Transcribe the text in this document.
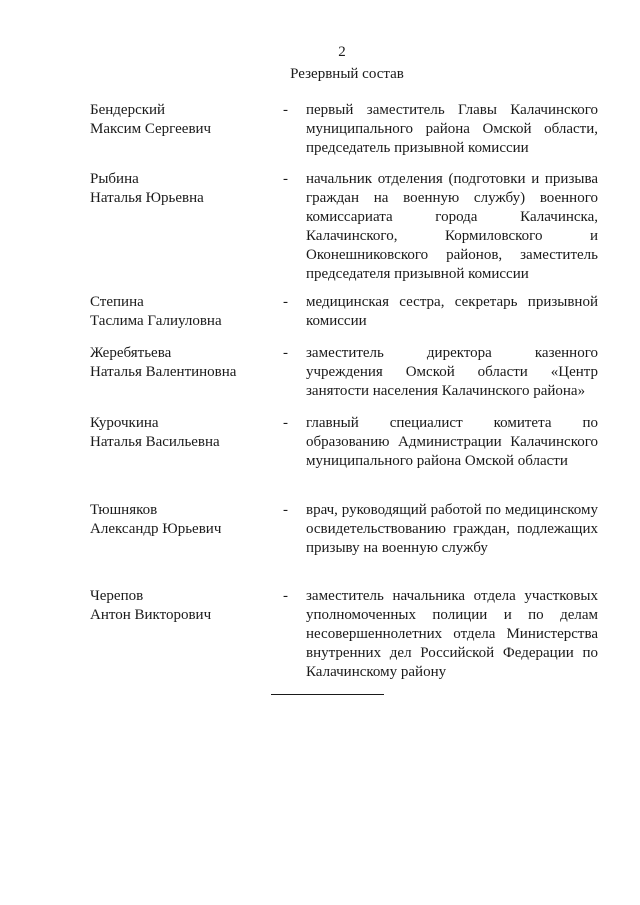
2
Резервный состав
Бендерский
Максим Сергеевич
- первый заместитель Главы Калачинского муниципального района Омской области, председатель призывной комиссии
Рыбина
Наталья Юрьевна
- начальник отделения (подготовки и призыва граждан на военную службу) военного комиссариата города Калачинска, Калачинского, Кормиловского и Оконешниковского районов, заместитель председателя призывной комиссии
Степина
Таслима Галиуловна
- медицинская сестра, секретарь призывной комиссии
Жеребятьева
Наталья Валентиновна
- заместитель директора казенного учреждения Омской области «Центр занятости населения Калачинского района»
Курочкина
Наталья Васильевна
- главный специалист комитета по образованию Администрации Калачинского муниципального района Омской области
Тюшняков
Александр Юрьевич
- врач, руководящий работой по медицинскому освидетельствованию граждан, подлежащих призыву на военную службу
Черепов
Антон Викторович
- заместитель начальника отдела участковых уполномоченных полиции и по делам несовершеннолетних отдела Министерства внутренних дел Российской Федерации по Калачинскому району
